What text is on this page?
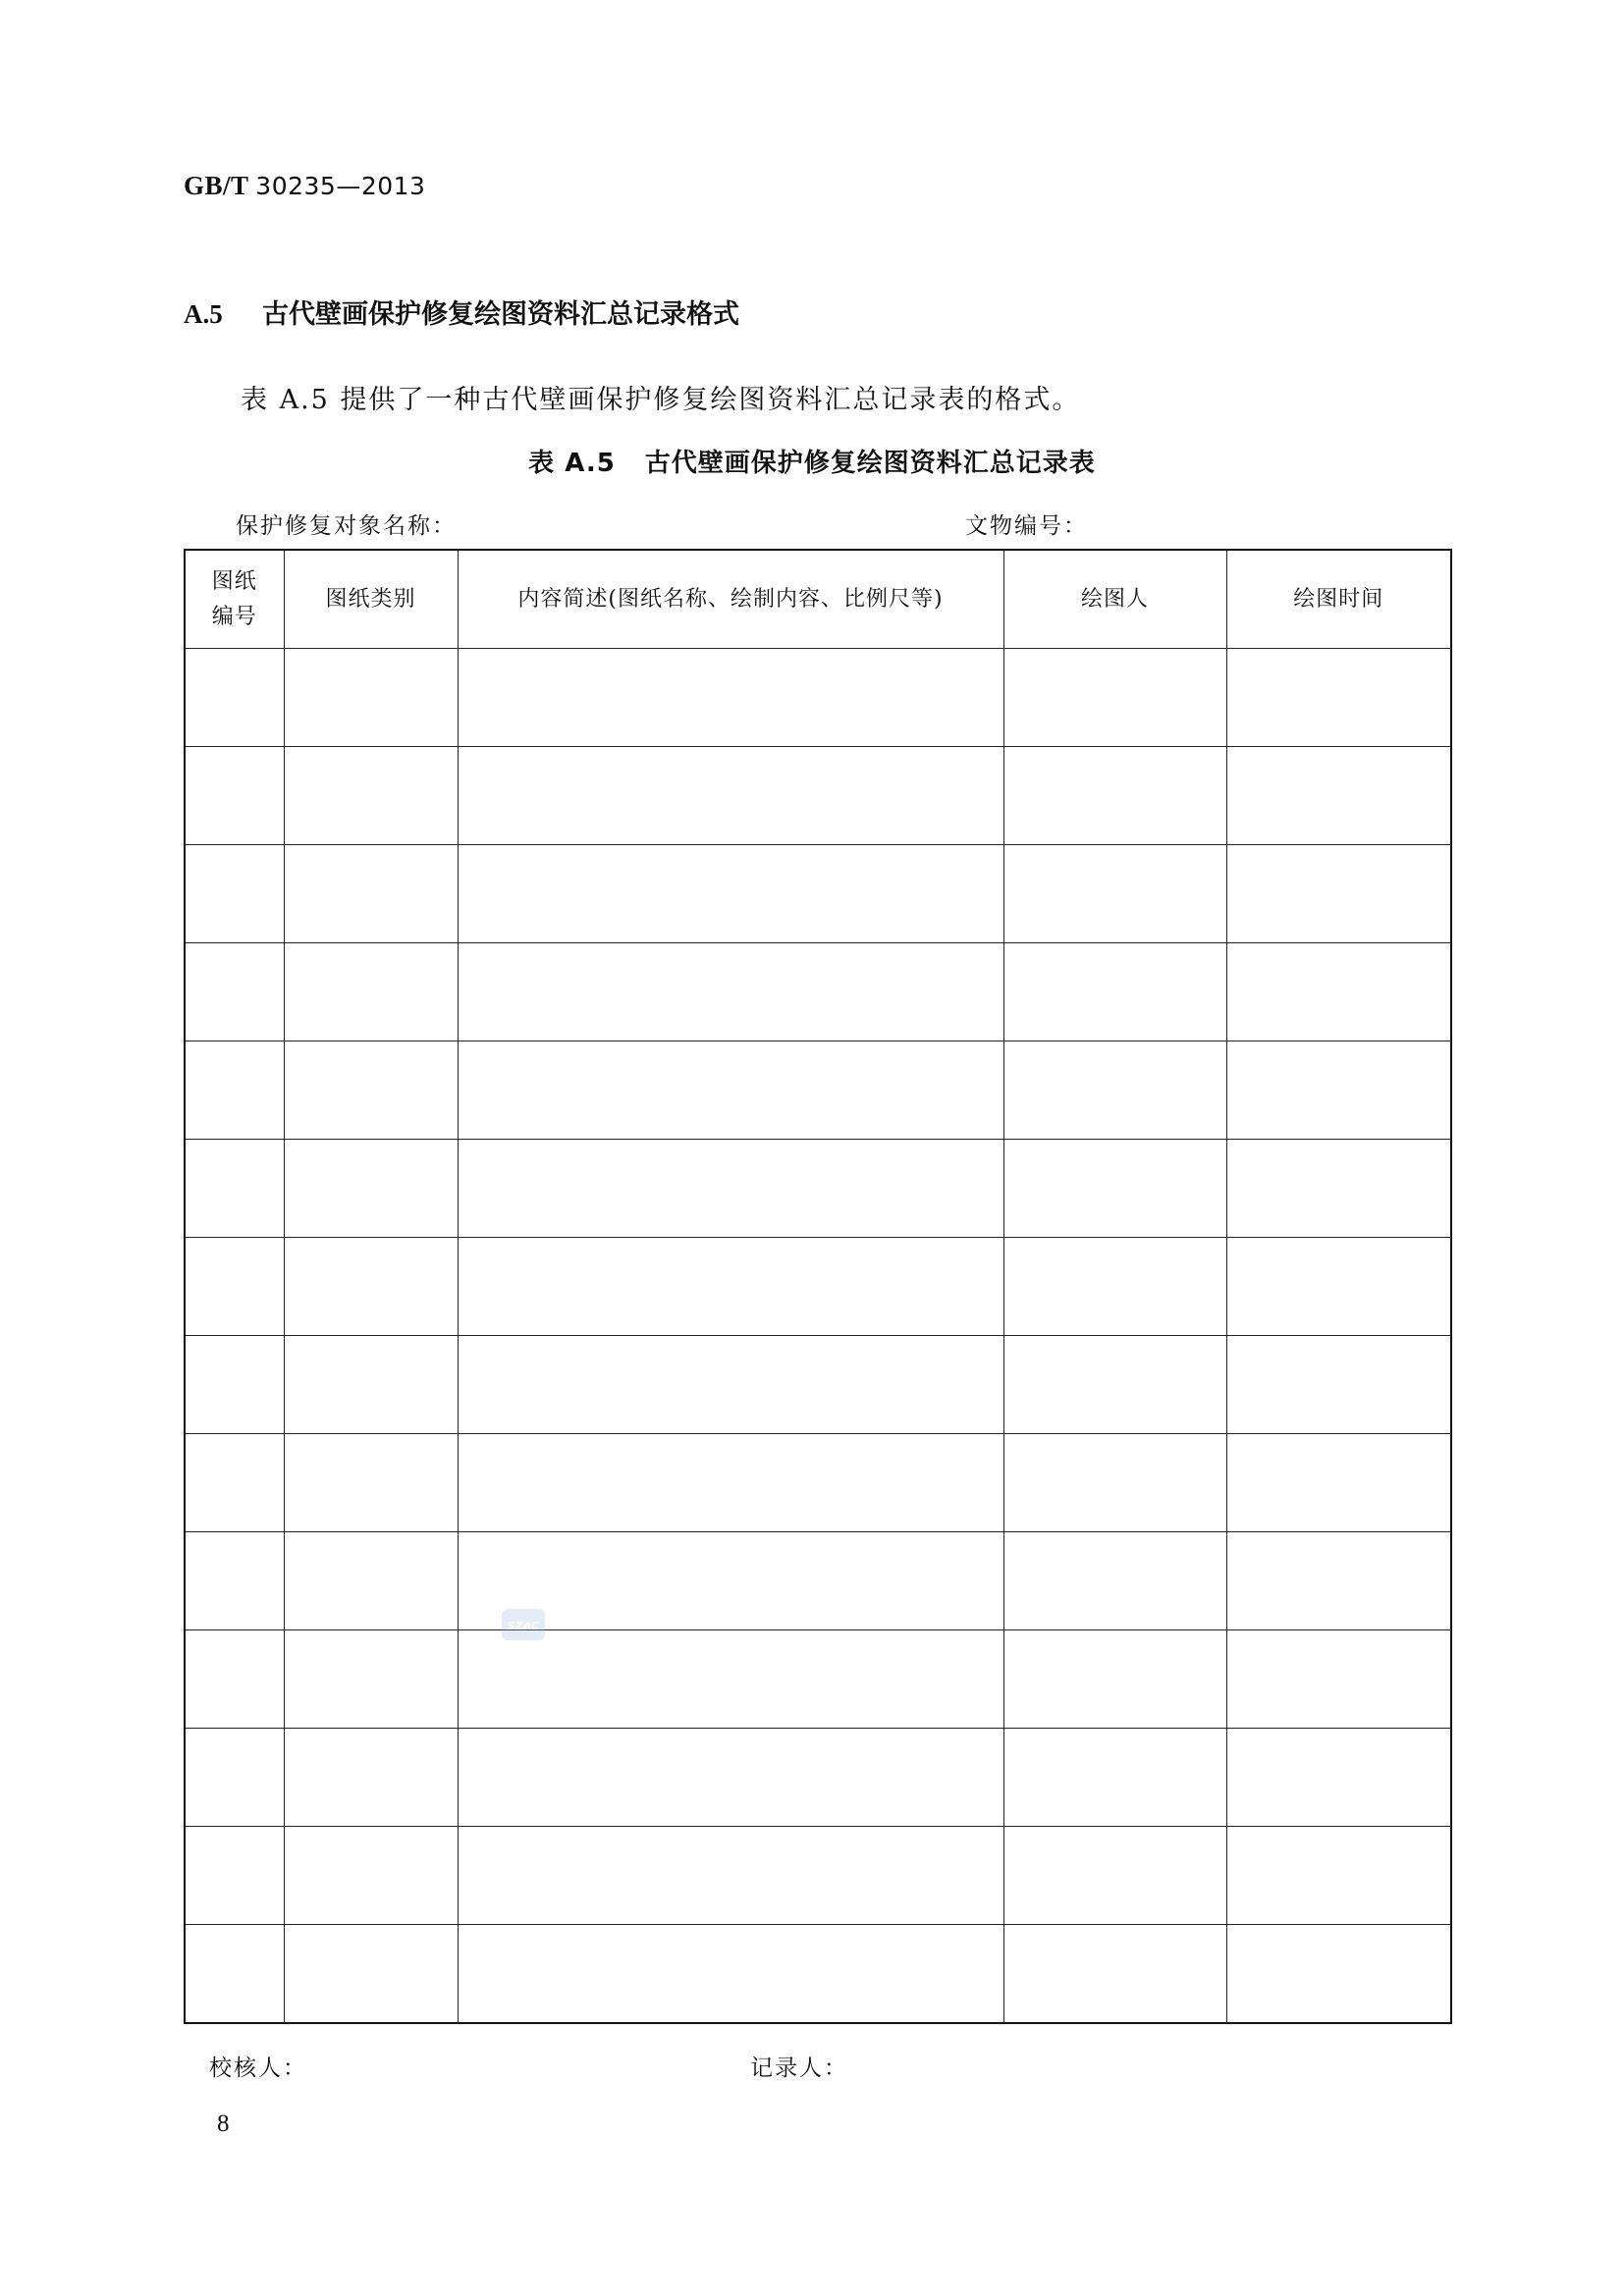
GB/T 30235—2013
A.5 古代壁画保护修复绘图资料汇总记录格式
表 A.5 提供了一种古代壁画保护修复绘图资料汇总记录表的格式。
表 A.5 古代壁画保护修复绘图资料汇总记录表
保护修复对象名称：	文物编号：
图纸
编号	图纸类别	内容简述(图纸名称、绘制内容、比例尺等)	绘图人	绘图时间

SZAC
校核人：	记录人：
8
